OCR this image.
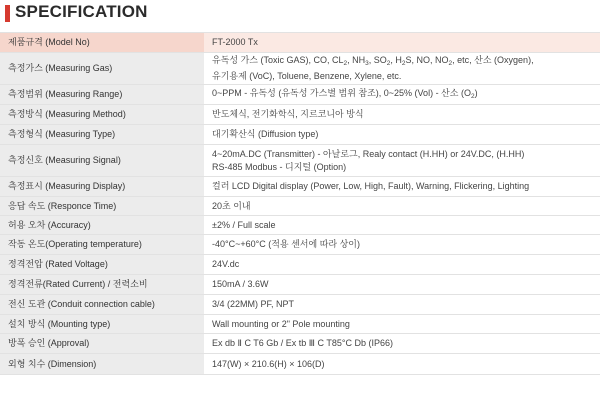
SPECIFICATION
제품규격 (Model No)	FT-2000 Tx
측정가스 (Measuring Gas)	유독성 가스 (Toxic GAS), CO, $CL_2$, $NH_3$, $SO_2$, $H_2S$, NO, $NO_2$, etc, 산소 (Oxygen),
유기용제 (VoC), Toluene, Benzene, Xylene, etc.
측정범위 (Measuring Range)	0~PPM - 유독성 (유독성 가스별 범위 참조), 0~25% (Vol) - 산소 $(O_2)$
측정방식 (Measuring Method)	반도체식, 전기화학식, 지르코니아 방식
측정형식 (Measuring Type)	대기확산식 (Diffusion type)
측정신호 (Measuring Signal)	4~20mA.DC (Transmitter) - 아날로그, Realy contact (H.HH) or 24V.DC, (H.HH)
RS-485 Modbus - 디지털 (Option)
측정표시 (Measuring Display)	컬러 LCD Digital display (Power, Low, High, Fault), Warning, Flickering, Lighting
응답 속도 (Responce Time)	20초 이내
허용 오차 (Accuracy)	±2% / Full scale
작동 온도(Operating temperature)	-40°C~+60°C (적용 센서에 따라 상이)
정격전압 (Rated Voltage)	24V.dc
정격전류(Rated Current) / 전력소비	150mA / 3.6W
전신 도관 (Conduit connection cable)	3/4 (22MM) PF, NPT
설치 방식 (Mounting type)	Wall mounting or 2" Pole mounting
방폭 승인 (Approval)	Ex db Ⅱ C T6 Gb / Ex tb Ⅲ C T85°C Db (IP66)
외형 치수 (Dimension)	147(W) × 210.6(H) × 106(D)
